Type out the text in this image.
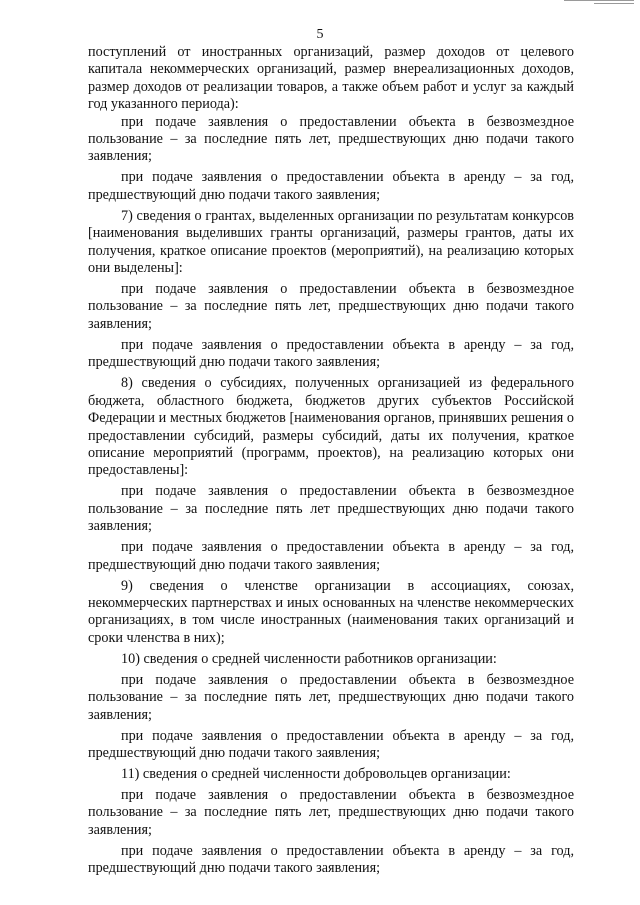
5

поступлений от иностранных организаций, размер доходов от целевого капитала некоммерческих организаций, размер внереализационных доходов, размер доходов от реализации товаров, а также объем работ и услуг за каждый год указанного периода):

при подаче заявления о предоставлении объекта в безвозмездное пользование – за последние пять лет, предшествующих дню подачи такого заявления;

при подаче заявления о предоставлении объекта в аренду – за год, предшествующий дню подачи такого заявления;

7) сведения о грантах, выделенных организации по результатам конкурсов [наименования выделивших гранты организаций, размеры грантов, даты их получения, краткое описание проектов (мероприятий), на реализацию которых они выделены]:

при подаче заявления о предоставлении объекта в безвозмездное пользование – за последние пять лет, предшествующих дню подачи такого заявления;

при подаче заявления о предоставлении объекта в аренду – за год, предшествующий дню подачи такого заявления;

8) сведения о субсидиях, полученных организацией из федерального бюджета, областного бюджета, бюджетов других субъектов Российской Федерации и местных бюджетов [наименования органов, принявших решения о предоставлении субсидий, размеры субсидий, даты их получения, краткое описание мероприятий (программ, проектов), на реализацию которых они предоставлены]:

при подаче заявления о предоставлении объекта в безвозмездное пользование – за последние пять лет предшествующих дню подачи такого заявления;

при подаче заявления о предоставлении объекта в аренду – за год, предшествующий дню подачи такого заявления;

9) сведения о членстве организации в ассоциациях, союзах, некоммерческих партнерствах и иных основанных на членстве некоммерческих организациях, в том числе иностранных (наименования таких организаций и сроки членства в них);

10) сведения о средней численности работников организации:

при подаче заявления о предоставлении объекта в безвозмездное пользование – за последние пять лет, предшествующих дню подачи такого заявления;

при подаче заявления о предоставлении объекта в аренду – за год, предшествующий дню подачи такого заявления;

11) сведения о средней численности добровольцев организации:

при подаче заявления о предоставлении объекта в безвозмездное пользование – за последние пять лет, предшествующих дню подачи такого заявления;

при подаче заявления о предоставлении объекта в аренду – за год, предшествующий дню подачи такого заявления;
